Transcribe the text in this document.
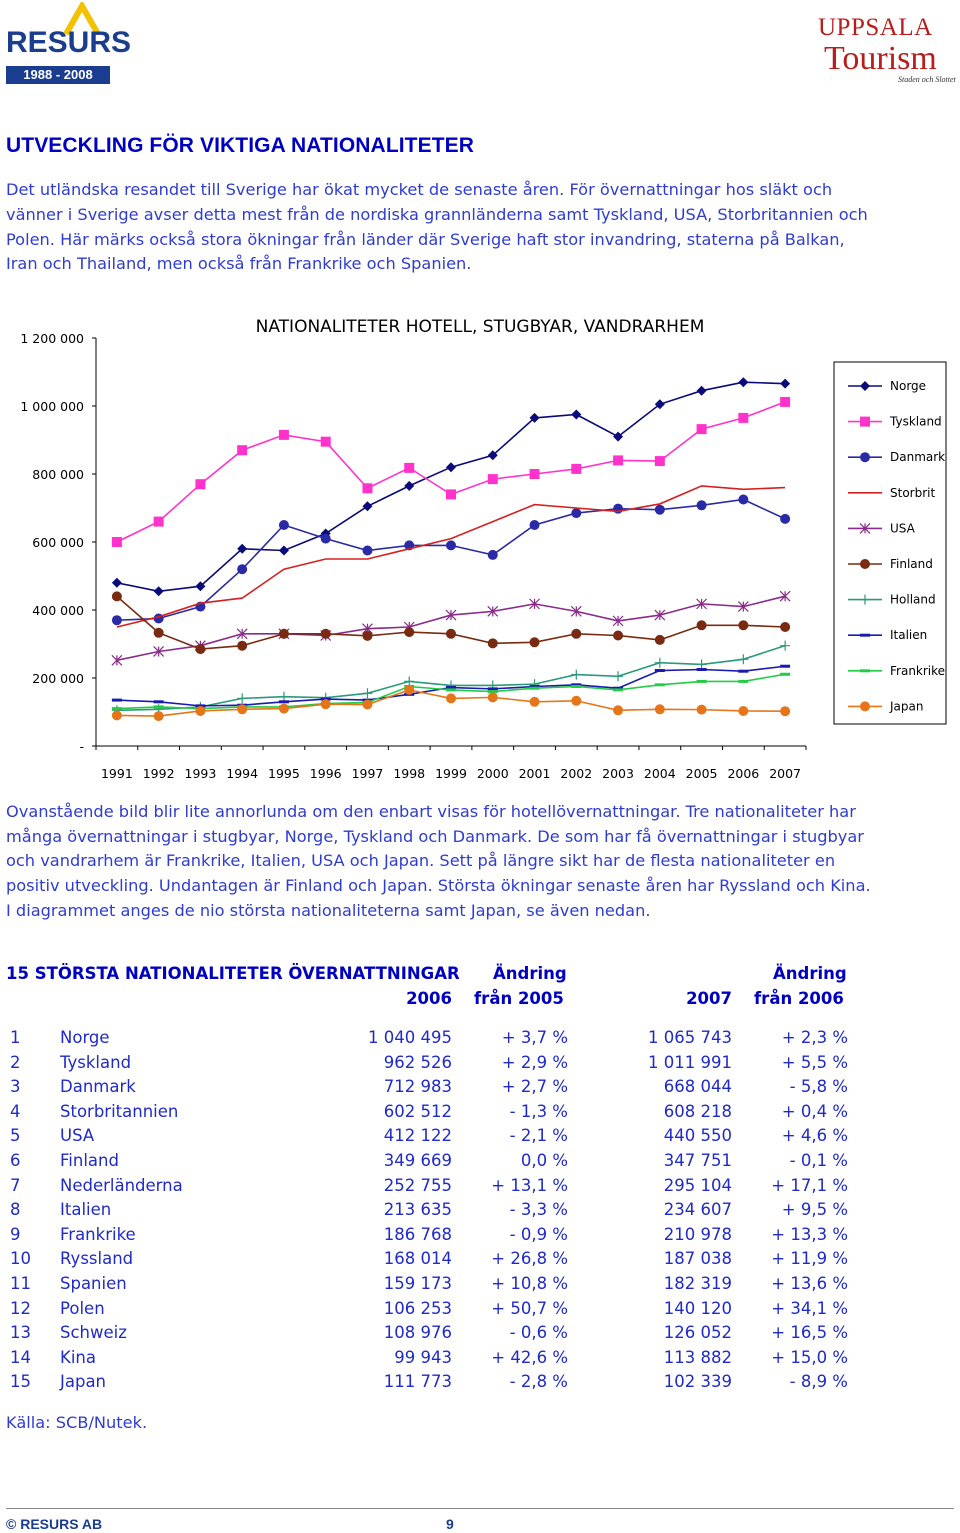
RESURS
1988 - 2008
UPPSALA
Tourism
Staden och Slottet
UTVECKLING FÖR VIKTIGA NATIONALITETER
Det utländska resandet till Sverige har ökat mycket de senaste åren. För övernattningar hos släkt och
vänner i Sverige avser detta mest från de nordiska grannländerna samt Tyskland, USA, Storbritannien och
Polen. Här märks också stora ökningar från länder där Sverige haft stor invandring, staterna på Balkan,
Iran och Thailand, men också från Frankrike och Spanien.
NATIONALITETER HOTELL, STUGBYAR, VANDRARHEM
1 200 000
1 000 000
800 000
600 000
400 000
200 000
-
1991 1992 1993 1994 1995 1996 1997 1998 1999 2000 2001 2002 2003 2004 2005 2006 2007
Norge
Tyskland
Danmark
Storbrit
USA
Finland
Holland
Italien
Frankrike
Japan
Ovanstående bild blir lite annorlunda om den enbart visas för hotellövernattningar. Tre nationaliteter har
många övernattningar i stugbyar, Norge, Tyskland och Danmark. De som har få övernattningar i stugbyar
och vandrarhem är Frankrike, Italien, USA och Japan. Sett på längre sikt har de flesta nationaliteter en
positiv utveckling. Undantagen är Finland och Japan. Största ökningar senaste åren har Ryssland och Kina.
I diagrammet anges de nio största nationaliteterna samt Japan, se även nedan.
15 STÖRSTA NATIONALITETER ÖVERNATTNINGAR Ändring
2006 från 2005
Ändring
2007 från 2006
1	Norge	1 040 495	+ 3,7 %	1 065 743	+ 2,3 %
2	Tyskland	962 526	+ 2,9 %	1 011 991	+ 5,5 %
3	Danmark	712 983	+ 2,7 %	668 044	- 5,8 %
4	Storbritannien	602 512	- 1,3 %	608 218	+ 0,4 %
5	USA	412 122	- 2,1 %	440 550	+ 4,6 %
6	Finland	349 669	0,0 %	347 751	- 0,1 %
7	Nederländerna	252 755	+ 13,1 %	295 104	+ 17,1 %
8	Italien	213 635	- 3,3 %	234 607	+ 9,5 %
9	Frankrike	186 768	- 0,9 %	210 978	+ 13,3 %
10	Ryssland	168 014	+ 26,8 %	187 038	+ 11,9 %
11	Spanien	159 173	+ 10,8 %	182 319	+ 13,6 %
12	Polen	106 253	+ 50,7 %	140 120	+ 34,1 %
13	Schweiz	108 976	- 0,6 %	126 052	+ 16,5 %
14	Kina	99 943	+ 42,6 %	113 882	+ 15,0 %
15	Japan	111 773	- 2,8 %	102 339	- 8,9 %
Källa: SCB/Nutek.
© RESURS AB	9
